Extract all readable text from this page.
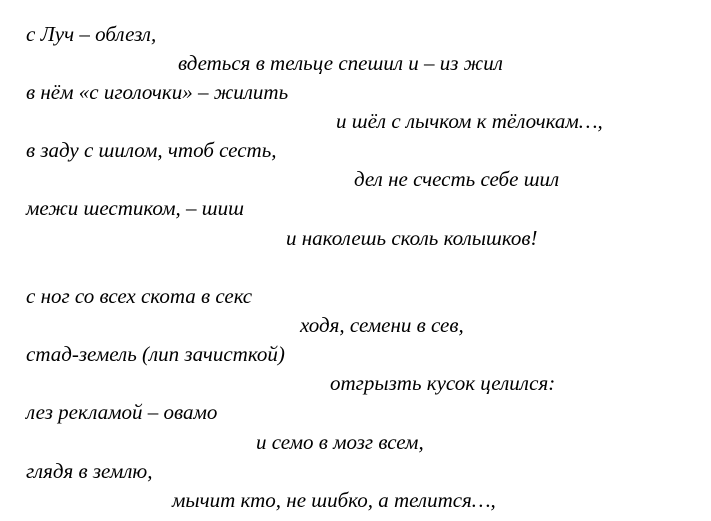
с Луч – облезл,
вдеться в тельце спешил и – из жил
в нём «с иголочки» – жилить
и шёл с лычком к тёлочкам…,
в заду с шилом, чтоб сесть,
дел не счесть себе шил
межи шестиком, – шиш
и наколешь сколь колышков!
с ног со всех скота в секс
ходя, семени в сев,
стад-земель (лип зачисткой)
отгрызть кусок целился:
лез рекламой – овамо
и семо в мозг всем,
глядя в землю,
мычит кто, не шибко, а телится…,
